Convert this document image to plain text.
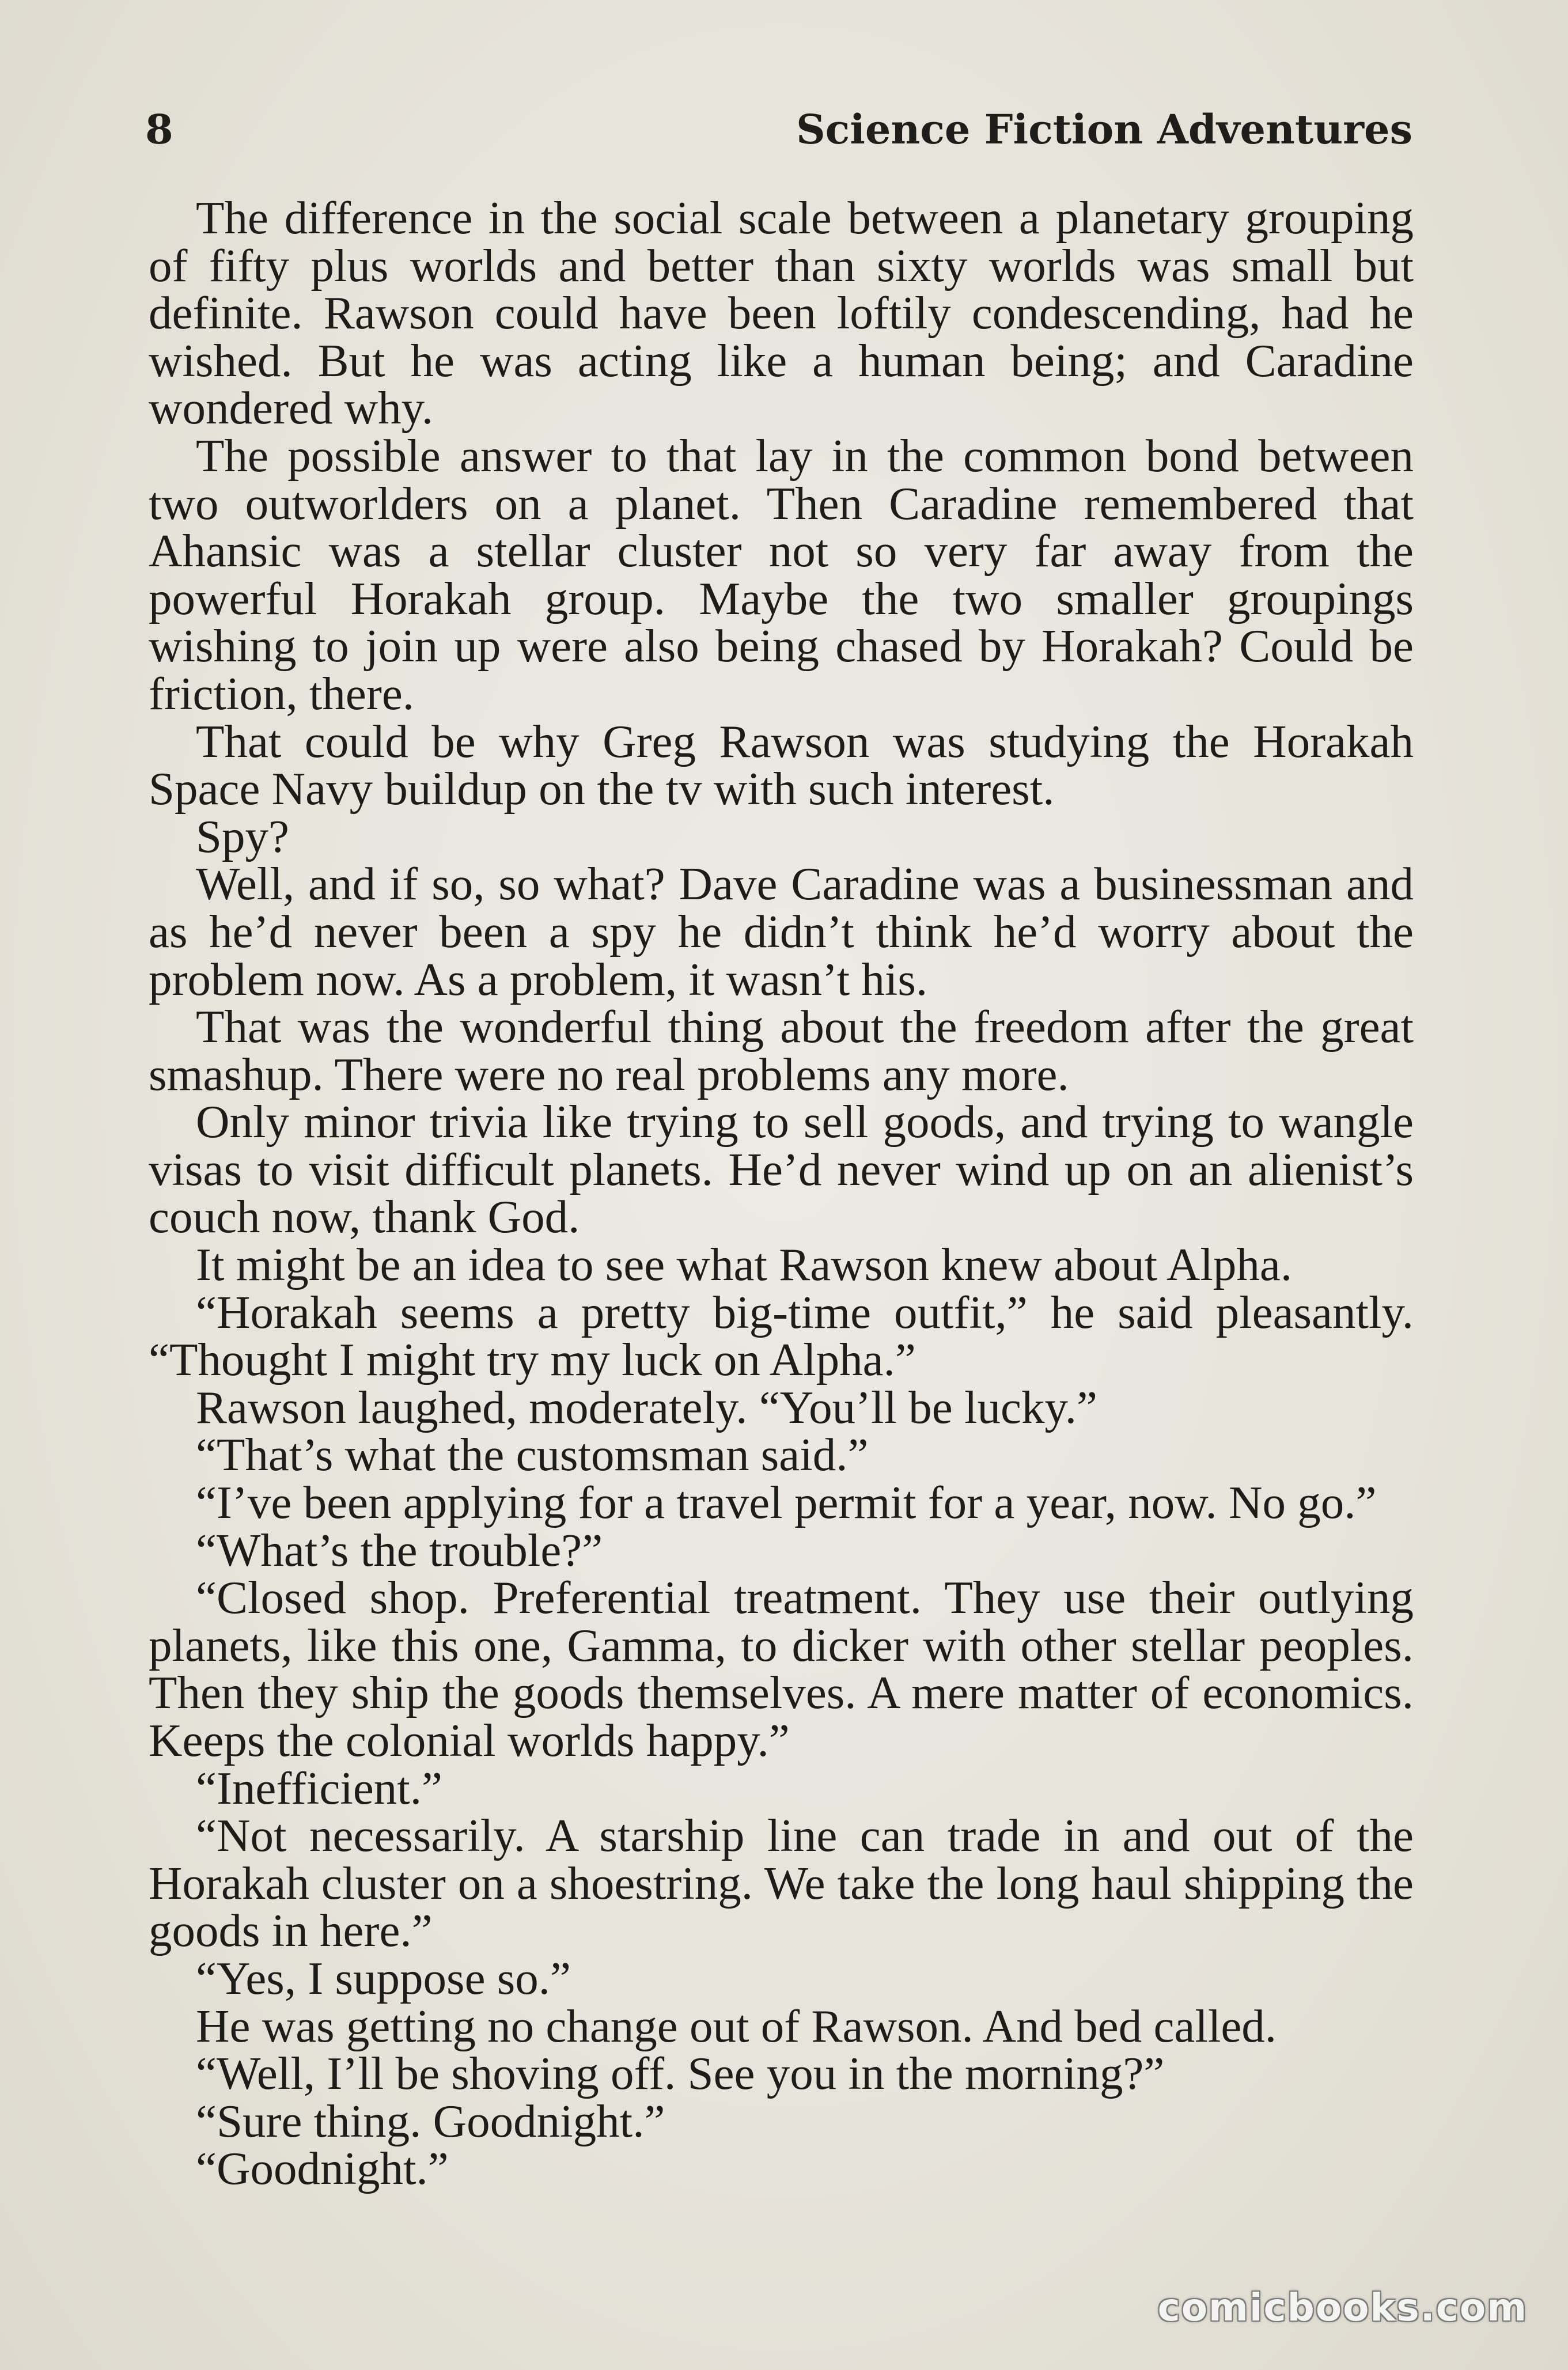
8	Science Fiction Adventures

The difference in the social scale between a planetary grouping of fifty plus worlds and better than sixty worlds was small but definite. Rawson could have been loftily condescending, had he wished. But he was acting like a human being; and Caradine wondered why.

The possible answer to that lay in the common bond between two outworlders on a planet. Then Caradine remembered that Ahansic was a stellar cluster not so very far away from the powerful Horakah group. Maybe the two smaller groupings wishing to join up were also being chased by Horakah? Could be friction, there.

That could be why Greg Rawson was studying the Horakah Space Navy buildup on the tv with such interest.

Spy?

Well, and if so, so what? Dave Caradine was a businessman and as he’d never been a spy he didn’t think he’d worry about the problem now. As a problem, it wasn’t his.

That was the wonderful thing about the freedom after the great smashup. There were no real problems any more.

Only minor trivia like trying to sell goods, and trying to wangle visas to visit difficult planets. He’d never wind up on an alienist’s couch now, thank God.

It might be an idea to see what Rawson knew about Alpha.

“Horakah seems a pretty big-time outfit,” he said pleasantly. “Thought I might try my luck on Alpha.”

Rawson laughed, moderately. “You’ll be lucky.”

“That’s what the customsman said.”

“I’ve been applying for a travel permit for a year, now. No go.”

“What’s the trouble?”

“Closed shop. Preferential treatment. They use their outlying planets, like this one, Gamma, to dicker with other stellar peoples. Then they ship the goods themselves. A mere matter of economics. Keeps the colonial worlds happy.”

“Inefficient.”

“Not necessarily. A starship line can trade in and out of the Horakah cluster on a shoestring. We take the long haul shipping the goods in here.”

“Yes, I suppose so.”

He was getting no change out of Rawson. And bed called.

“Well, I’ll be shoving off. See you in the morning?”

“Sure thing. Goodnight.”

“Goodnight.”

comicbooks.com
